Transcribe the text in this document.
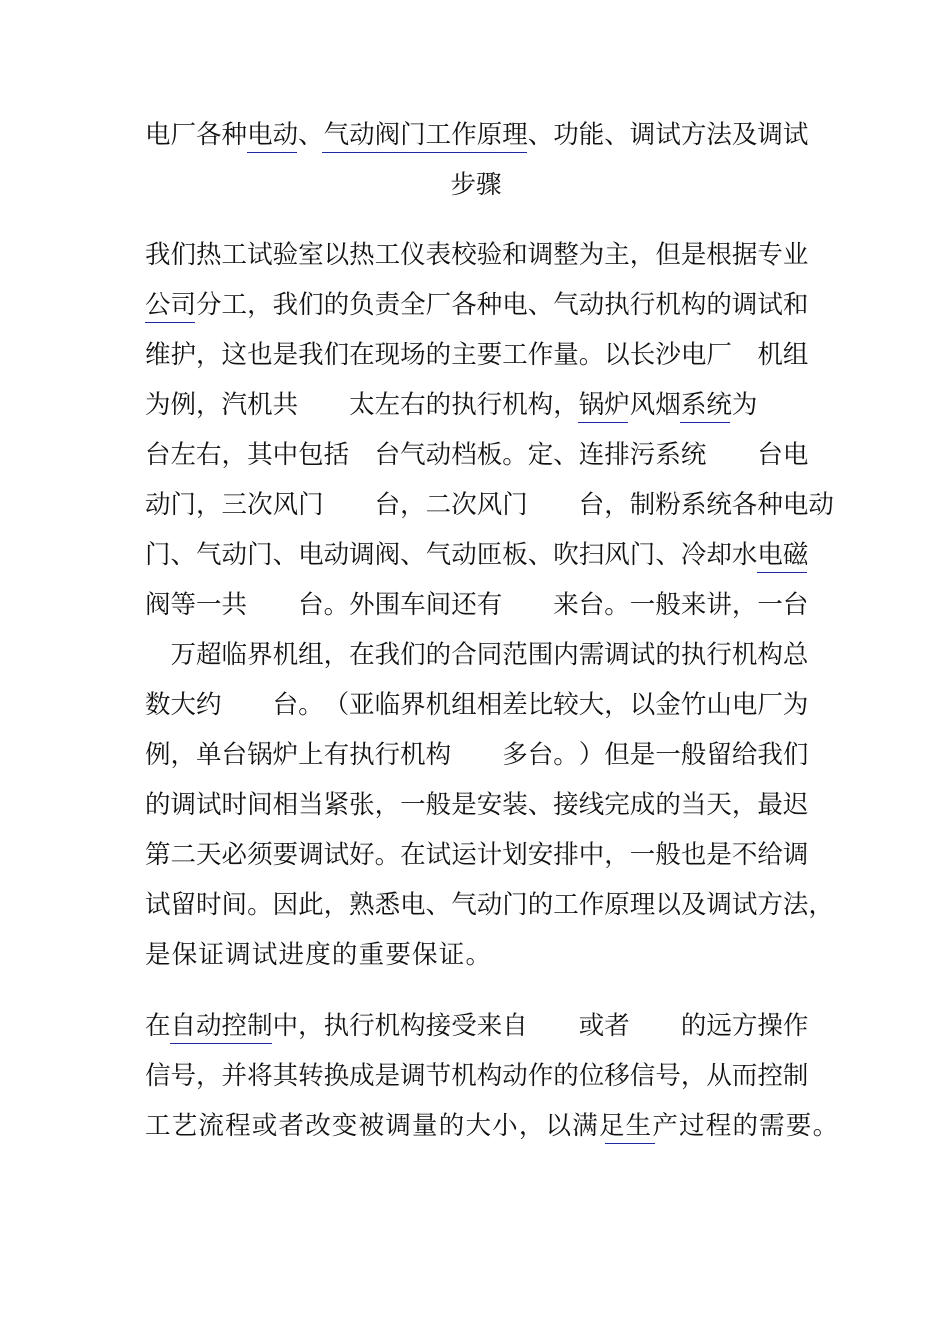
电 厂 各 种 电 动 、 气 动 阀 门 工 作 原 理 、 功 能 、 调 试 方 法 及 调 试
步骤
我 们 热 工 试 验 室 以 热 工 仪 表 校 验 和 调 整 为 主 ， 但 是 根 据 专 业
公 司 分 工 ， 我 们 的 负 责 全 厂 各 种 电 、 气 动 执 行 机 构 的 调 试 和
维 护 ， 这 也 是 我 们 在 现 场 的 主 要 工 作 量 。 以 长 沙 电 厂
　 机 组
为 例 ， 汽 机 共

　 太 左 右 的 执 行 机 构 ， 锅 炉 风 烟 系 统 为

台 左 右 ， 其 中 包 括
　 台 气 动 档 板 。 定 、 连 排 污 系 统

　 台 电
动 门 ， 三 次 风 门

　 台 ， 二 次 风 门

　 台 ， 制 粉 系 统 各 种 电 动
门 、 气 动 门 、 电 动 调 阀 、 气 动 匝 板 、 吹 扫 风 门 、 冷 却 水 电 磁
阀 等 一 共

　 台 。 外 围 车 间 还 有

　 来 台 。 一 般 来 讲 ， 一 台

万 超 临 界 机 组 ， 在 我 们 的 合 同 范 围 内 需 调 试 的 执 行 机 构 总
数 大 约

　 台 。 （ 亚 临 界 机 组 相 差 比 较 大 ， 以 金 竹 山 电 厂 为
例 ， 单 台 锅 炉 上 有 执 行 机 构

　 多 台 。 ） 但 是 一 般 留 给 我 们
的 调 试 时 间 相 当 紧 张 ， 一 般 是 安 装 、 接 线 完 成 的 当 天 ， 最 迟
第 二 天 必 须 要 调 试 好 。 在 试 运 计 划 安 排 中 ， 一 般 也 是 不 给 调
试 留 时 间 。 因 此 ， 熟 悉 电 、 气 动 门 的 工 作 原 理 以 及 调 试 方 法 ，
是 保 证 调 试 进 度 的 重 要 保 证 。
在 自 动 控 制 中 ， 执 行 机 构 接 受 来 自

　 或 者

　 的 远 方 操 作
信 号 ， 并 将 其 转 换 成 是 调 节 机 构 动 作 的 位 移 信 号 ， 从 而 控 制
工 艺 流 程 或 者 改 变 被 调 量 的 大 小 ， 以 满 足 生 产 过 程 的 需 要 。
